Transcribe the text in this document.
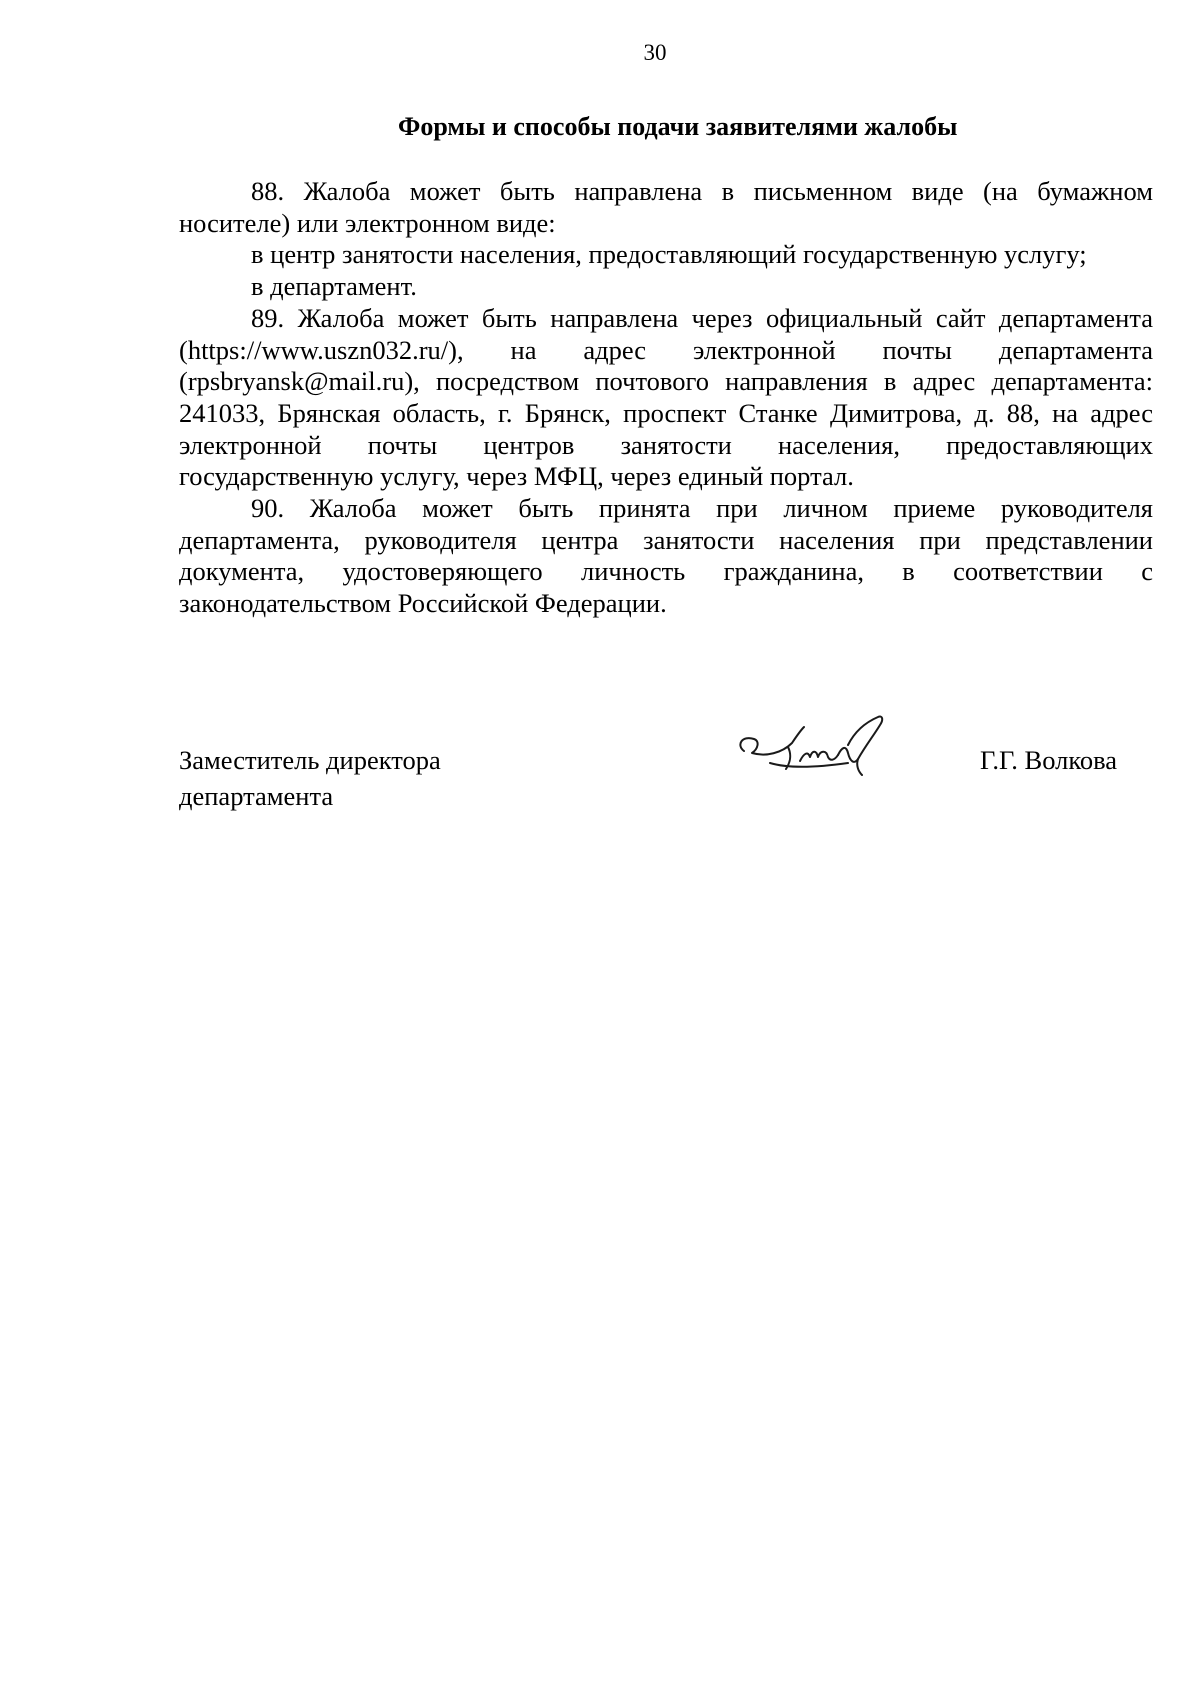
30
Формы и способы подачи заявителями жалобы

88. Жалоба может быть направлена в письменном виде (на бумажном носителе) или электронном виде:

в центр занятости населения, предоставляющий государственную услугу;

в департамент.

89. Жалоба может быть направлена через официальный сайт департамента (https://www.uszn032.ru/), на адрес электронной почты департамента (rpsbryansk@mail.ru), посредством почтового направления в адрес департамента: 241033, Брянская область, г. Брянск, проспект Станке Димитрова, д. 88, на адрес электронной почты центров занятости населения, предоставляющих государственную услугу, через МФЦ, через единый портал.

90. Жалоба может быть принята при личном приеме руководителя департамента, руководителя центра занятости населения при представлении документа, удостоверяющего личность гражданина, в соответствии с законодательством Российской Федерации.

Заместитель директора
департамента
Г.Г. Волкова
